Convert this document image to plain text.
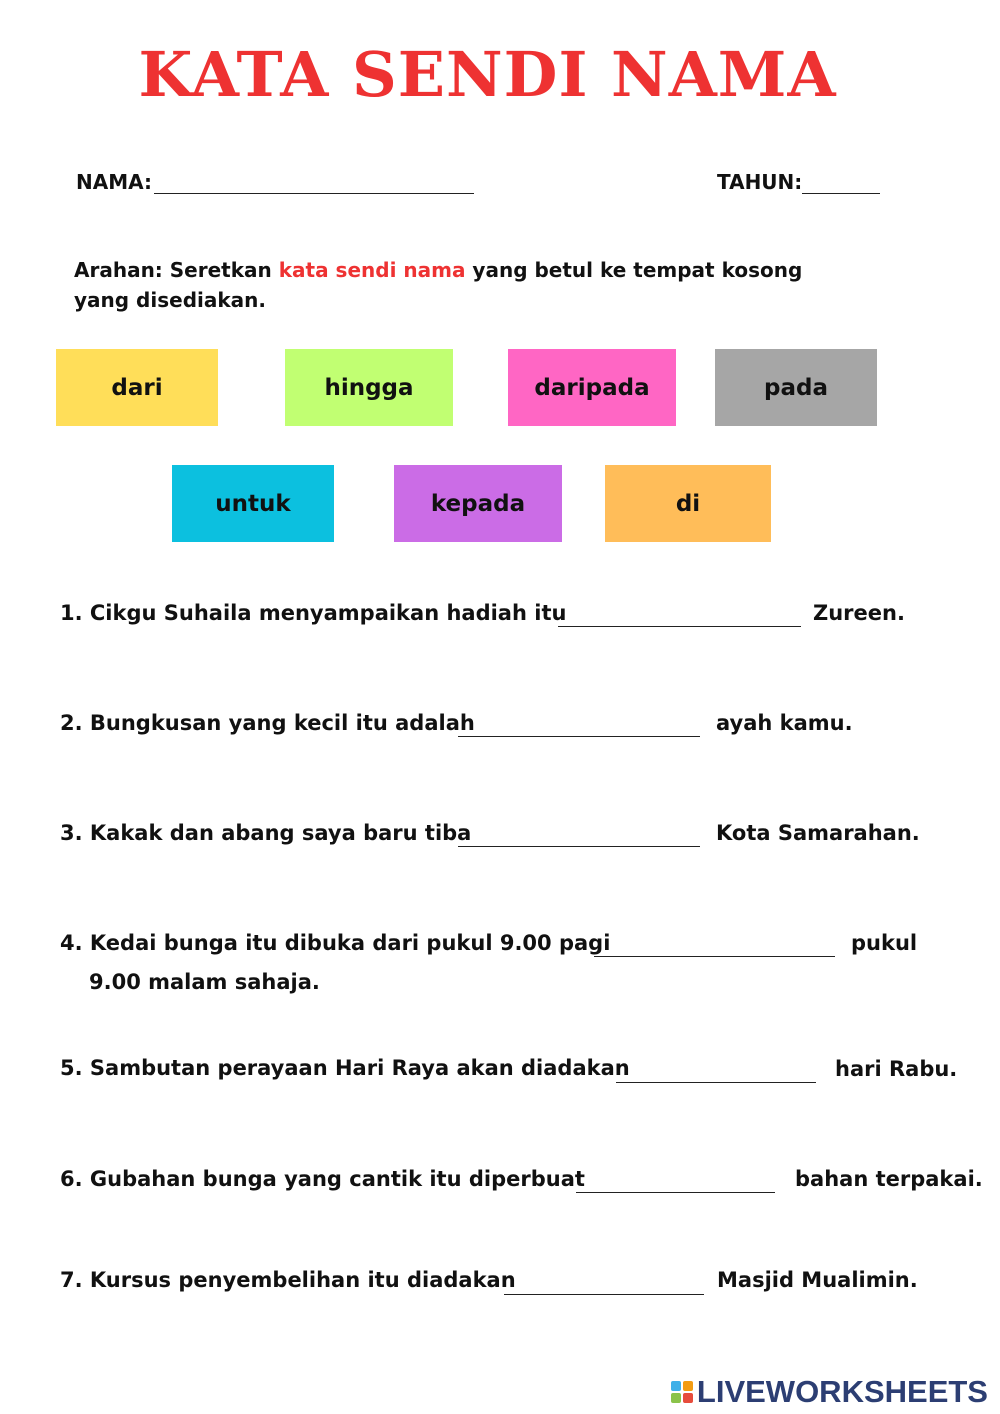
KATA SENDI NAMA
NAMA:	TAHUN:
Arahan: Seretkan kata sendi nama yang betul ke tempat kosong yang disediakan.
dari	hingga	daripada	pada
untuk	kepada	di
1. Cikgu Suhaila menyampaikan hadiah itu	Zureen.
2. Bungkusan yang kecil itu adalah	ayah kamu.
3. Kakak dan abang saya baru tiba	Kota Samarahan.
4. Kedai bunga itu dibuka dari pukul 9.00 pagi	pukul
9.00 malam sahaja.
5. Sambutan perayaan Hari Raya akan diadakan	hari Rabu.
6. Gubahan bunga yang cantik itu diperbuat	bahan terpakai.
7. Kursus penyembelihan itu diadakan	Masjid Mualimin.
LIVEWORKSHEETS
